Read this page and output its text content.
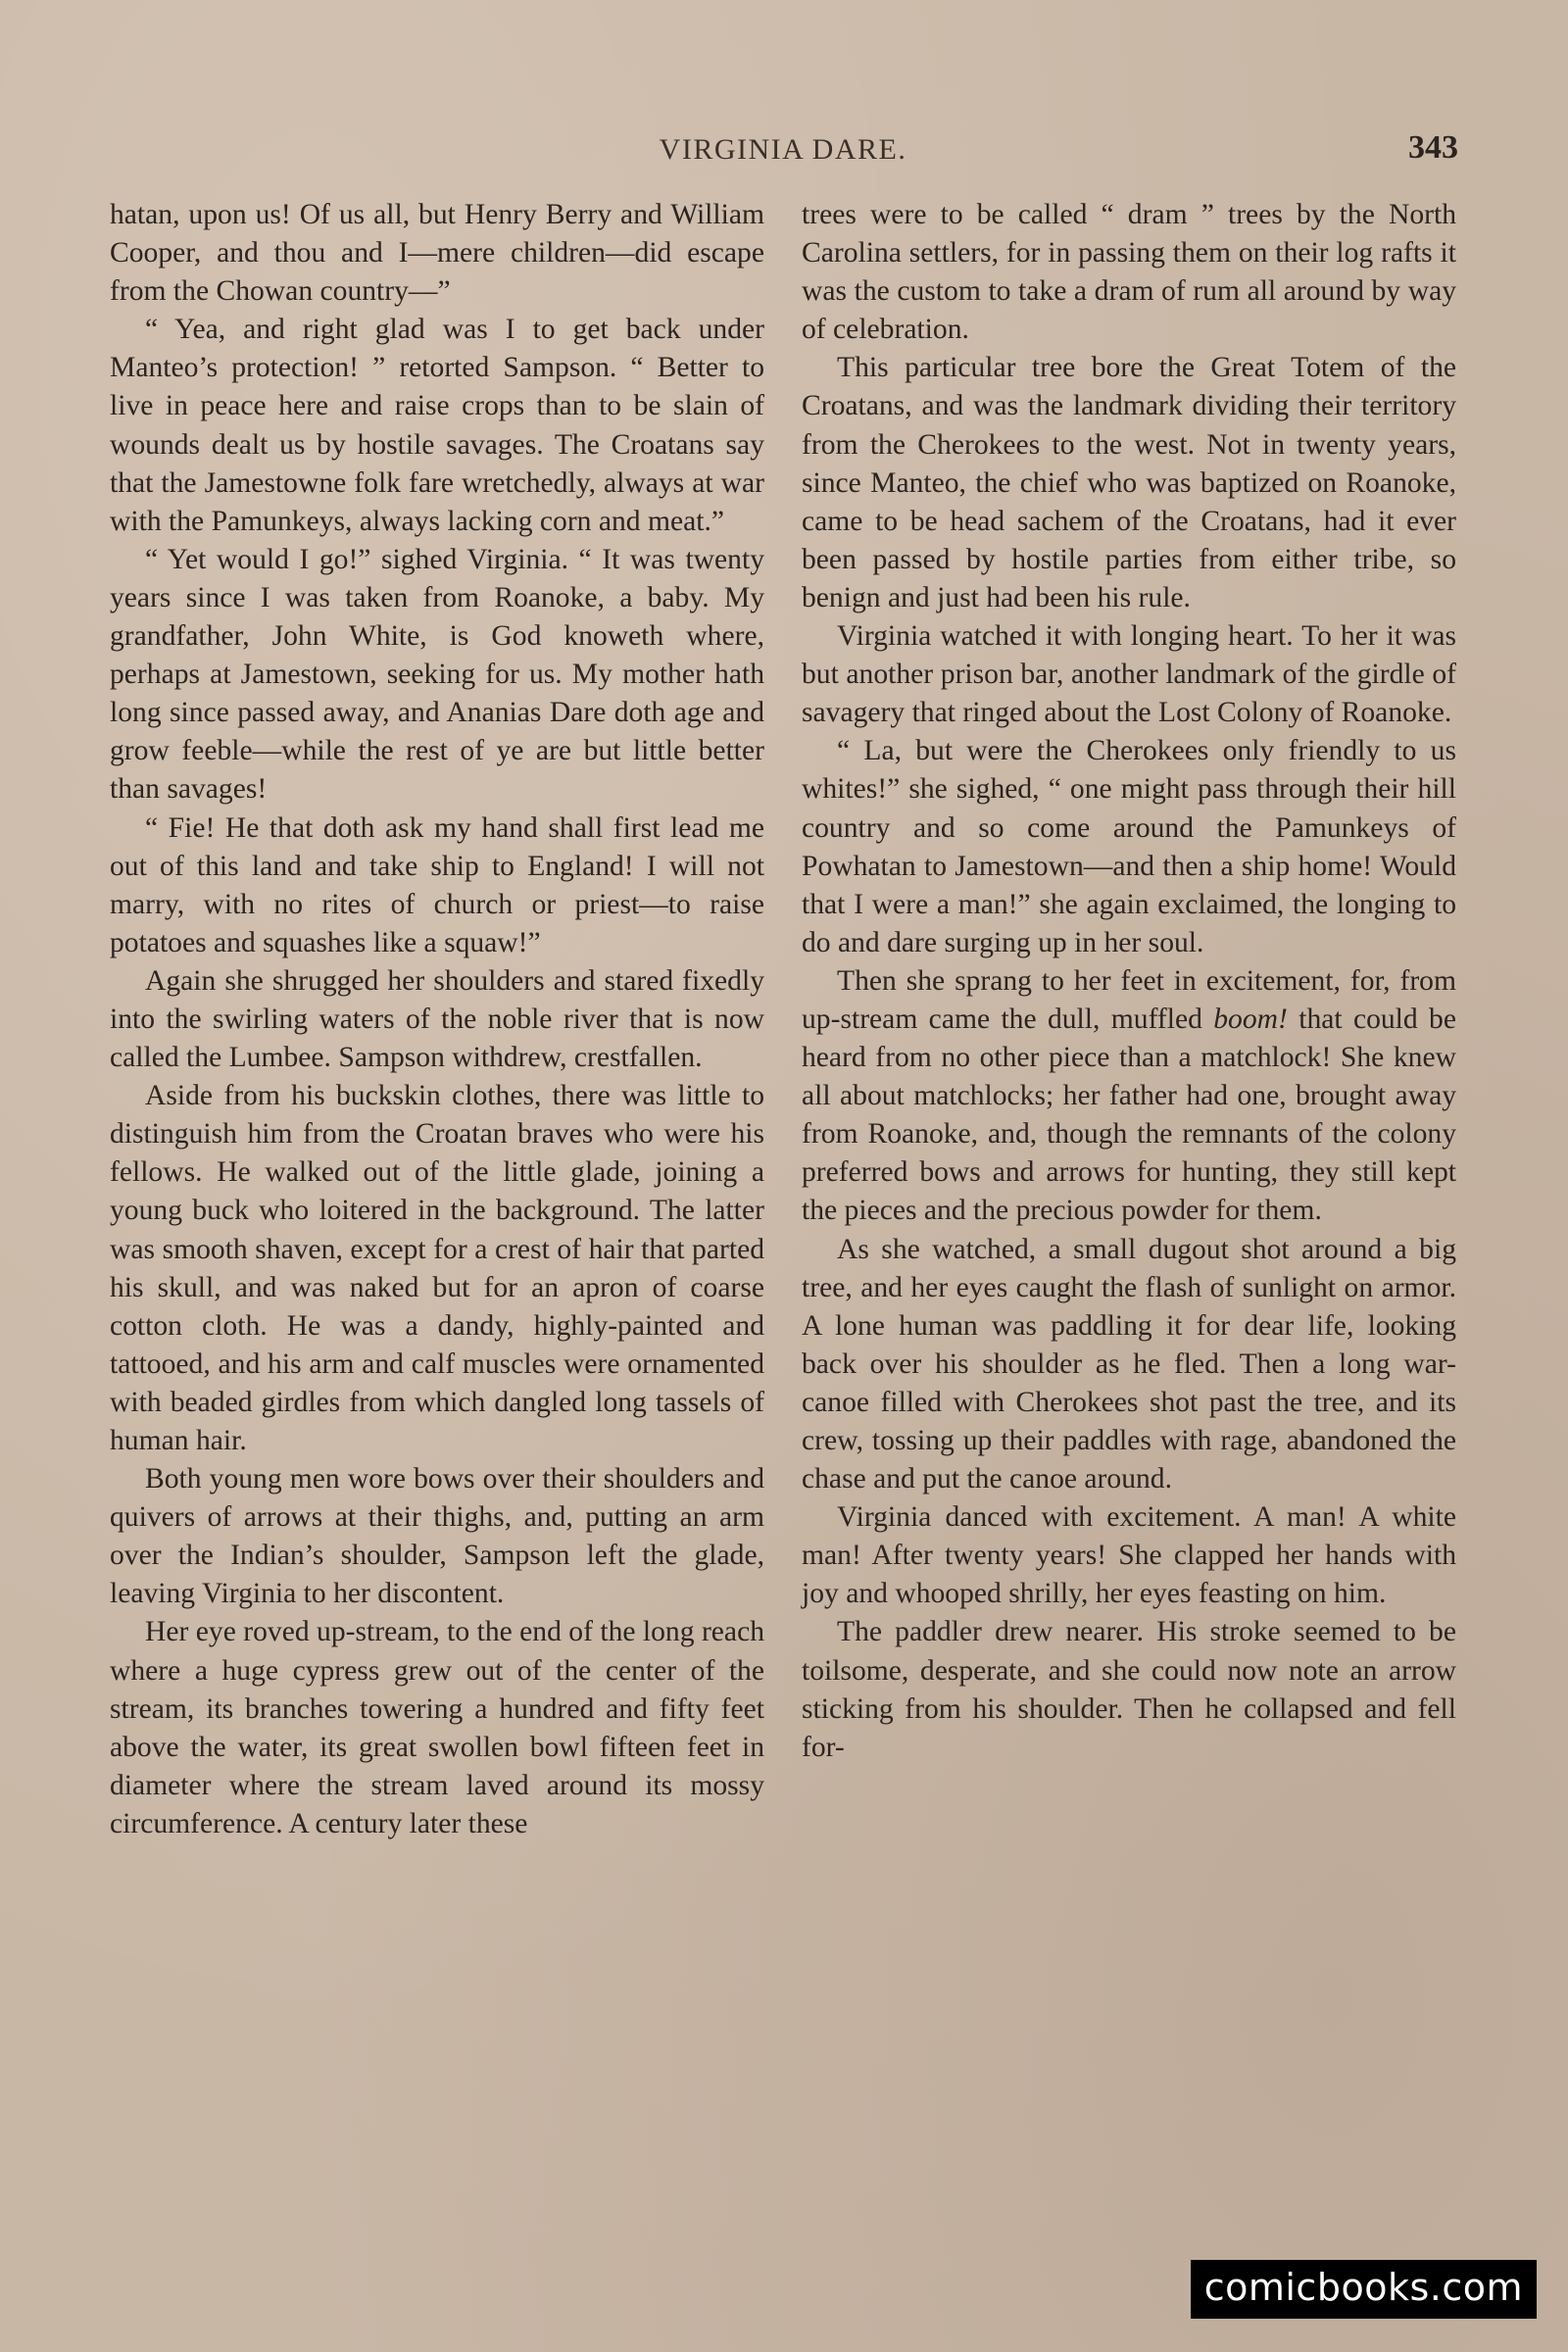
VIRGINIA DARE.	343

hatan, upon us! Of us all, but Henry Berry and William Cooper, and thou and I—mere children—did escape from the Chowan country—”

“ Yea, and right glad was I to get back under Manteo’s protection! ” retorted Sampson. “ Better to live in peace here and raise crops than to be slain of wounds dealt us by hostile savages. The Croatans say that the Jamestowne folk fare wretchedly, always at war with the Pamunkeys, always lacking corn and meat.”

“ Yet would I go!” sighed Virginia. “ It was twenty years since I was taken from Roanoke, a baby. My grandfather, John White, is God knoweth where, perhaps at Jamestown, seeking for us. My mother hath long since passed away, and Ananias Dare doth age and grow feeble—while the rest of ye are but little better than savages!

“ Fie! He that doth ask my hand shall first lead me out of this land and take ship to England! I will not marry, with no rites of church or priest—to raise potatoes and squashes like a squaw!”

Again she shrugged her shoulders and stared fixedly into the swirling waters of the noble river that is now called the Lumbee. Sampson withdrew, crestfallen.

Aside from his buckskin clothes, there was little to distinguish him from the Croatan braves who were his fellows. He walked out of the little glade, joining a young buck who loitered in the background. The latter was smooth shaven, except for a crest of hair that parted his skull, and was naked but for an apron of coarse cotton cloth. He was a dandy, highly-painted and tattooed, and his arm and calf muscles were ornamented with beaded girdles from which dangled long tassels of human hair.

Both young men wore bows over their shoulders and quivers of arrows at their thighs, and, putting an arm over the Indian’s shoulder, Sampson left the glade, leaving Virginia to her discontent.

Her eye roved up-stream, to the end of the long reach where a huge cypress grew out of the center of the stream, its branches towering a hundred and fifty feet above the water, its great swollen bowl fifteen feet in diameter where the stream laved around its mossy circumference. A century later these

trees were to be called “ dram ” trees by the North Carolina settlers, for in passing them on their log rafts it was the custom to take a dram of rum all around by way of celebration.

This particular tree bore the Great Totem of the Croatans, and was the landmark dividing their territory from the Cherokees to the west. Not in twenty years, since Manteo, the chief who was baptized on Roanoke, came to be head sachem of the Croatans, had it ever been passed by hostile parties from either tribe, so benign and just had been his rule.

Virginia watched it with longing heart. To her it was but another prison bar, another landmark of the girdle of savagery that ringed about the Lost Colony of Roanoke.

“ La, but were the Cherokees only friendly to us whites!” she sighed, “ one might pass through their hill country and so come around the Pamunkeys of Powhatan to Jamestown—and then a ship home! Would that I were a man!” she again exclaimed, the longing to do and dare surging up in her soul.

Then she sprang to her feet in excitement, for, from up-stream came the dull, muffled boom! that could be heard from no other piece than a matchlock! She knew all about matchlocks; her father had one, brought away from Roanoke, and, though the remnants of the colony preferred bows and arrows for hunting, they still kept the pieces and the precious powder for them.

As she watched, a small dugout shot around a big tree, and her eyes caught the flash of sunlight on armor. A lone human was paddling it for dear life, looking back over his shoulder as he fled. Then a long war-canoe filled with Cherokees shot past the tree, and its crew, tossing up their paddles with rage, abandoned the chase and put the canoe around.

Virginia danced with excitement. A man! A white man! After twenty years! She clapped her hands with joy and whooped shrilly, her eyes feasting on him.

The paddler drew nearer. His stroke seemed to be toilsome, desperate, and she could now note an arrow sticking from his shoulder. Then he collapsed and fell for-

comicbooks.com
